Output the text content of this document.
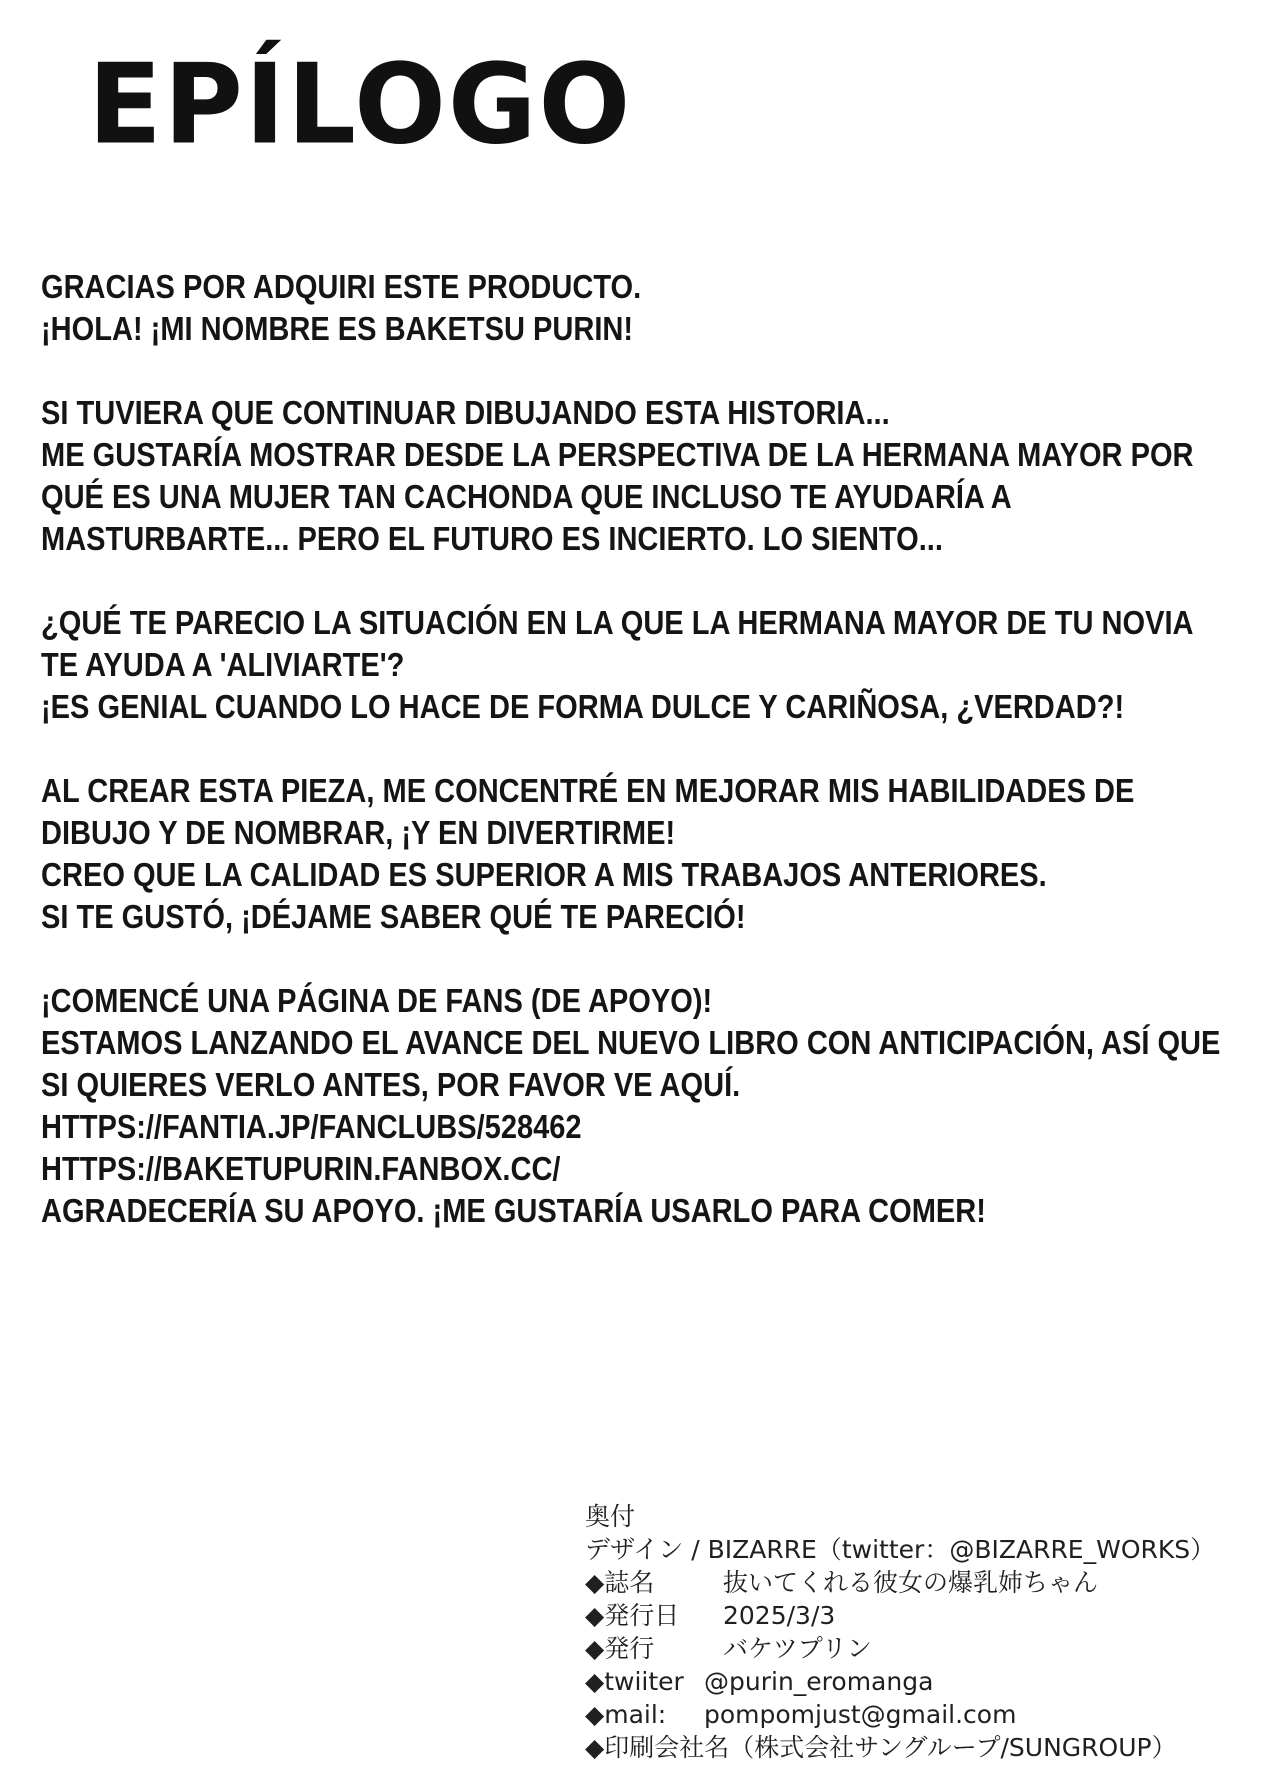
EPÍLOGO

GRACIAS POR ADQUIRI ESTE PRODUCTO.
¡HOLA! ¡MI NOMBRE ES BAKETSU PURIN!

SI TUVIERA QUE CONTINUAR DIBUJANDO ESTA HISTORIA...
ME GUSTARÍA MOSTRAR DESDE LA PERSPECTIVA DE LA HERMANA MAYOR POR
QUÉ ES UNA MUJER TAN CACHONDA QUE INCLUSO TE AYUDARÍA A
MASTURBARTE... PERO EL FUTURO ES INCIERTO. LO SIENTO...

¿QUÉ TE PARECIO LA SITUACIÓN EN LA QUE LA HERMANA MAYOR DE TU NOVIA
TE AYUDA A 'ALIVIARTE'?
¡ES GENIAL CUANDO LO HACE DE FORMA DULCE Y CARIÑOSA, ¿VERDAD?!

AL CREAR ESTA PIEZA, ME CONCENTRÉ EN MEJORAR MIS HABILIDADES DE
DIBUJO Y DE NOMBRAR, ¡Y EN DIVERTIRME!
CREO QUE LA CALIDAD ES SUPERIOR A MIS TRABAJOS ANTERIORES.
SI TE GUSTÓ, ¡DÉJAME SABER QUÉ TE PARECIÓ!

¡COMENCÉ UNA PÁGINA DE FANS (DE APOYO)!
ESTAMOS LANZANDO EL AVANCE DEL NUEVO LIBRO CON ANTICIPACIÓN, ASÍ QUE
SI QUIERES VERLO ANTES, POR FAVOR VE AQUÍ.
HTTPS://FANTIA.JP/FANCLUBS/528462
HTTPS://BAKETUPURIN.FANBOX.CC/
AGRADECERÍA SU APOYO. ¡ME GUSTARÍA USARLO PARA COMER!

奥付
デザイン / BIZARRE（twitter：@BIZARRE_WORKS）
◆誌名	抜いてくれる彼女の爆乳姉ちゃん
◆発行日 2025/3/3
◆発行	バケツプリン
◆twiiter @purin_eromanga
◆mail: pompomjust@gmail.com
◆印刷会社名（株式会社サングループ/SUNGROUP）
